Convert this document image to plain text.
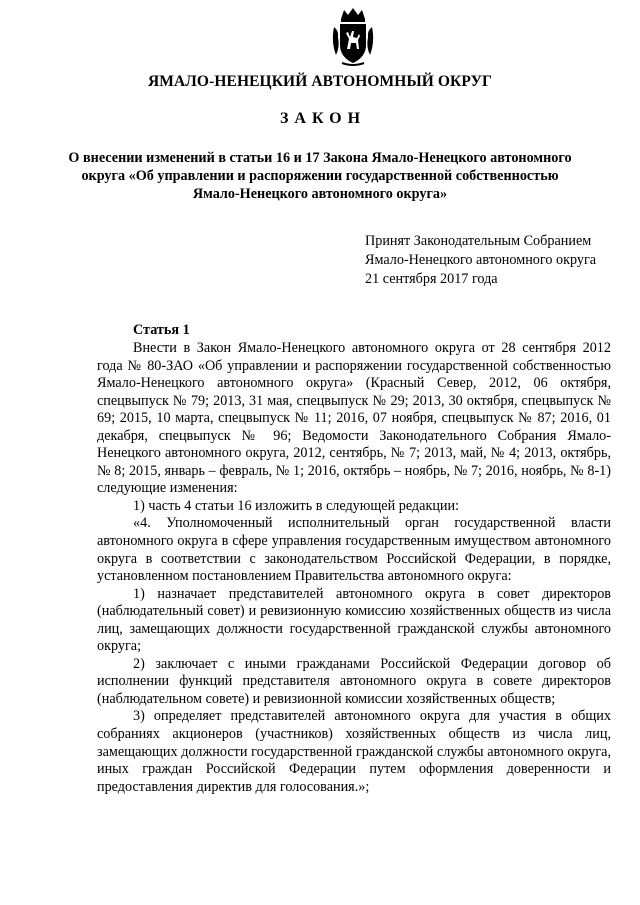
ЯМАЛО-НЕНЕЦКИЙ АВТОНОМНЫЙ ОКРУГ
ЗАКОН
О внесении изменений в статьи 16 и 17 Закона Ямало-Ненецкого автономного округа «Об управлении и распоряжении государственной собственностью Ямало-Ненецкого автономного округа»
Принят Законодательным Собранием
Ямало-Ненецкого автономного округа
21 сентября 2017 года
Статья 1

Внести в Закон Ямало-Ненецкого автономного округа от 28 сентября 2012 года № 80-ЗАО «Об управлении и распоряжении государственной собственностью Ямало-Ненецкого автономного округа» (Красный Север, 2012, 06 октября, спецвыпуск № 79; 2013, 31 мая, спецвыпуск № 29; 2013, 30 октября, спецвыпуск № 69; 2015, 10 марта, спецвыпуск № 11; 2016, 07 ноября, спецвыпуск № 87; 2016, 01 декабря, спецвыпуск № 96; Ведомости Законодательного Собрания Ямало-Ненецкого автономного округа, 2012, сентябрь, № 7; 2013, май, № 4; 2013, октябрь, № 8; 2015, январь – февраль, № 1; 2016, октябрь – ноябрь, № 7; 2016, ноябрь, № 8-1) следующие изменения:

1) часть 4 статьи 16 изложить в следующей редакции:

«4. Уполномоченный исполнительный орган государственной власти автономного округа в сфере управления государственным имуществом автономного округа в соответствии с законодательством Российской Федерации, в порядке, установленном постановлением Правительства автономного округа:

1) назначает представителей автономного округа в совет директоров (наблюдательный совет) и ревизионную комиссию хозяйственных обществ из числа лиц, замещающих должности государственной гражданской службы автономного округа;

2) заключает с иными гражданами Российской Федерации договор об исполнении функций представителя автономного округа в совете директоров (наблюдательном совете) и ревизионной комиссии хозяйственных обществ;

3) определяет представителей автономного округа для участия в общих собраниях акционеров (участников) хозяйственных обществ из числа лиц, замещающих должности государственной гражданской службы автономного округа, иных граждан Российской Федерации путем оформления доверенности и предоставления директив для голосования.»;
